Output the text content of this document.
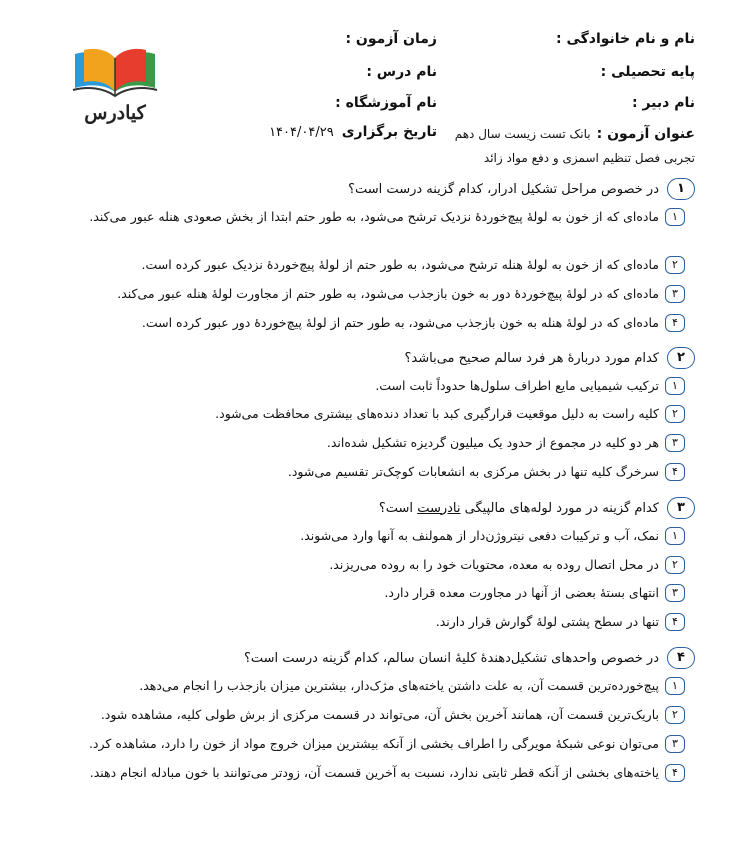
نام و نام خانوادگی :
پایه تحصیلی :
نام دبیر :
زمان آزمون :
نام درس :
نام آموزشگاه :
عنوان آزمون :بانک تست زیست سال دهم
تاریخ برگزاری۱۴۰۴/۰۴/۲۹
تجربی فصل تنظیم اسمزی و دفع مواد زائد
کیادرس
۱
در خصوص مراحل تشکیل ادرار، کدام گزینه درست است؟
۱
ماده‌ای که از خون به لولهٔ پیچ‌خوردهٔ نزدیک ترشح می‌شود، به طور حتم ابتدا از بخش صعودی هنله عبور می‌کند.
۲
ماده‌ای که از خون به لولهٔ هنله ترشح می‌شود، به طور حتم از لولهٔ پیچ‌خوردهٔ نزدیک عبور کرده است.
۳
ماده‌ای که در لولهٔ پیچ‌خوردهٔ دور به خون بازجذب می‌شود، به طور حتم از مجاورت لولهٔ هنله عبور می‌کند.
۴
ماده‌ای که در لولهٔ هنله به خون بازجذب می‌شود، به طور حتم از لولهٔ پیچ‌خوردهٔ دور عبور کرده است.
۲
کدام مورد دربارهٔ هر فرد سالم صحیح می‌باشد؟
۱
ترکیب شیمیایی مایع اطراف سلول‌ها حدوداً ثابت است.
۲
کلیه راست به دلیل موقعیت قرارگیری کبد با تعداد دنده‌های بیشتری محافظت می‌شود.
۳
هر دو کلیه در مجموع از حدود یک میلیون گردیزه تشکیل شده‌اند.
۴
سرخرگ کلیه تنها در بخش مرکزی به انشعابات کوچک‌تر تقسیم می‌شود.
۳
کدام گزینه در مورد لوله‌های مالپیگی نادرست است؟
۱
نمک، آب و ترکیبات دفعی نیتروژن‌دار از همولنف به آنها وارد می‌شوند.
۲
در محل اتصال روده به معده، محتویات خود را به روده می‌ریزند.
۳
انتهای بستهٔ بعضی از آنها در مجاورت معده قرار دارد.
۴
تنها در سطح پشتی لولهٔ گوارش قرار دارند.
۴
در خصوص واحدهای تشکیل‌دهندهٔ کلیهٔ انسان سالم، کدام گزینه درست است؟
۱
پیچ‌خورده‌ترین قسمت آن، به علت داشتن یاخته‌های مژک‌دار، بیشترین میزان بازجذب را انجام می‌دهد.
۲
باریک‌ترین قسمت آن، همانند آخرین بخش آن، می‌تواند در قسمت مرکزی از برش طولی کلیه، مشاهده شود.
۳
می‌توان نوعی شبکهٔ مویرگی را اطراف بخشی از آنکه بیشترین میزان خروج مواد از خون را دارد، مشاهده کرد.
۴
یاخته‌های بخشی از آنکه قطر ثابتی ندارد، نسبت به آخرین قسمت آن، زودتر می‌توانند با خون مبادله انجام دهند.
